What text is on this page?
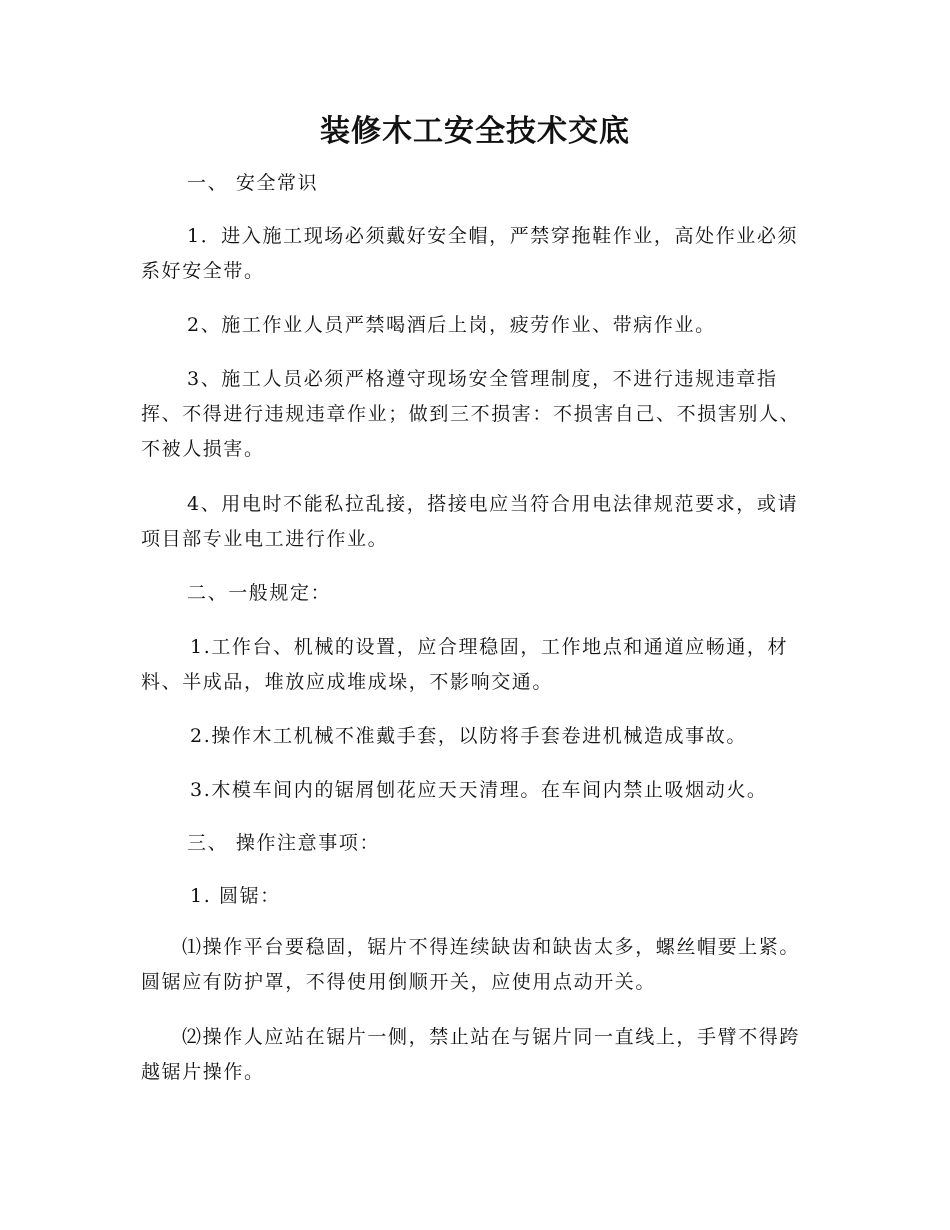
装修木工安全技术交底
一、 安全常识
1．进入施工现场必须戴好安全帽，严禁穿拖鞋作业，高处作业必须系好安全带。
2、施工作业人员严禁喝酒后上岗，疲劳作业、带病作业。
3、施工人员必须严格遵守现场安全管理制度，不进行违规违章指挥、不得进行违规违章作业；做到三不损害：不损害自己、不损害别人、不被人损害。
4、用电时不能私拉乱接，搭接电应当符合用电法律规范要求，或请项目部专业电工进行作业。
二、一般规定：
1.工作台、机械的设置，应合理稳固，工作地点和通道应畅通，材料、半成品，堆放应成堆成垛，不影响交通。
2.操作木工机械不准戴手套，以防将手套卷进机械造成事故。
3.木模车间内的锯屑刨花应天天清理。在车间内禁止吸烟动火。
三、 操作注意事项：
1. 圆锯：
⑴操作平台要稳固，锯片不得连续缺齿和缺齿太多，螺丝帽要上紧。圆锯应有防护罩，不得使用倒顺开关，应使用点动开关。
⑵操作人应站在锯片一侧，禁止站在与锯片同一直线上，手臂不得跨越锯片操作。
